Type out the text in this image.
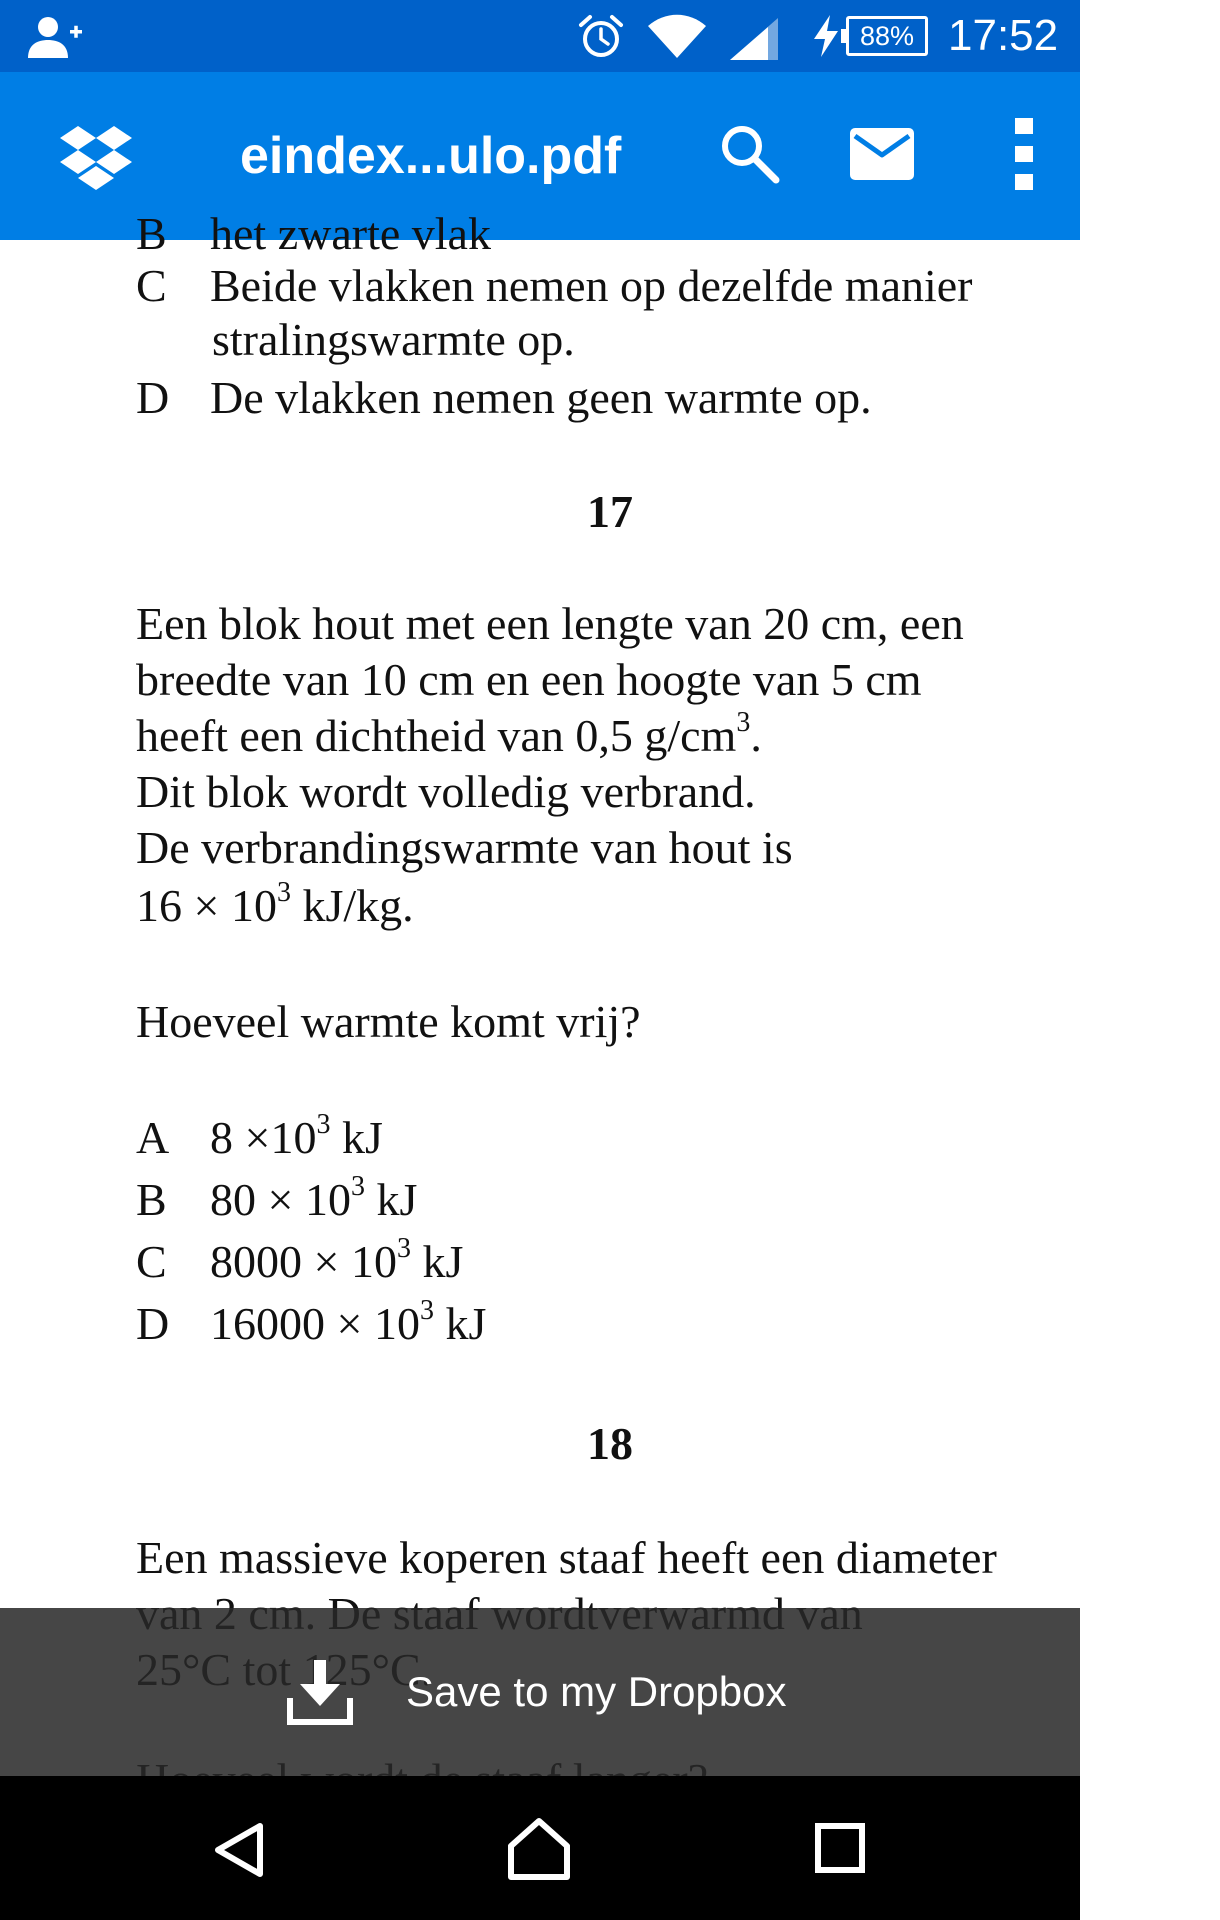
88% 17:52
eindex...ulo.pdf
B het zwarte vlak
C Beide vlakken nemen op dezelfde manier
stralingswarmte op.
D De vlakken nemen geen warmte op.
17
Een blok hout met een lengte van 20 cm, een
breedte van 10 cm en een hoogte van 5 cm
heeft een dichtheid van 0,5 $g/cm^3$.
Dit blok wordt volledig verbrand.
De verbrandingswarmte van hout is
$16 \times 10^3$ kJ/kg.
Hoeveel warmte komt vrij?
A $8 \times 10^3$ kJ
B $80 \times 10^3$ kJ
C $8000 \times 10^3$ kJ
D $16000 \times 10^3$ kJ
18
Een massieve koperen staaf heeft een diameter
Save to my Dropbox
